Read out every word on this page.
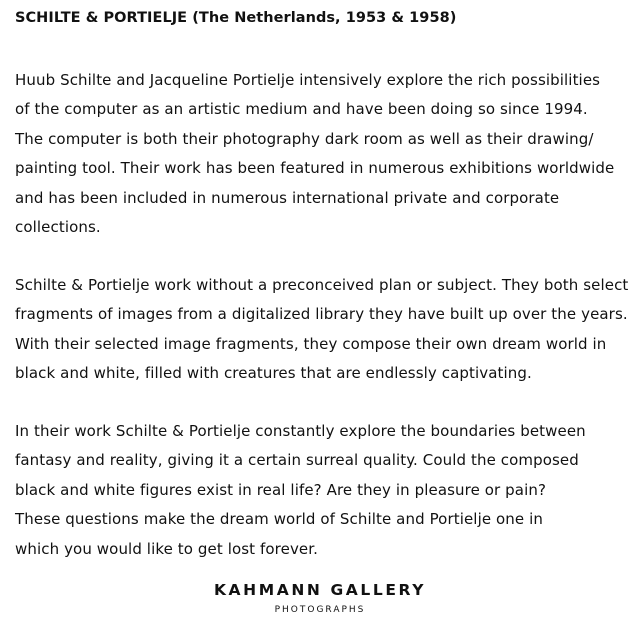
SCHILTE & PORTIELJE (The Netherlands, 1953 & 1958)

Huub Schilte and Jacqueline Portielje intensively explore the rich possibilities
of the computer as an artistic medium and have been doing so since 1994.
The computer is both their photography dark room as well as their drawing/
painting tool. Their work has been featured in numerous exhibitions worldwide
and has been included in numerous international private and corporate
collections.

Schilte & Portielje work without a preconceived plan or subject. They both select
fragments of images from a digitalized library they have built up over the years.
With their selected image fragments, they compose their own dream world in
black and white, filled with creatures that are endlessly captivating.

In their work Schilte & Portielje constantly explore the boundaries between
fantasy and reality, giving it a certain surreal quality. Could the composed
black and white figures exist in real life? Are they in pleasure or pain?
These questions make the dream world of Schilte and Portielje one in
which you would like to get lost forever.

KAHMANN GALLERY
PHOTOGRAPHS
